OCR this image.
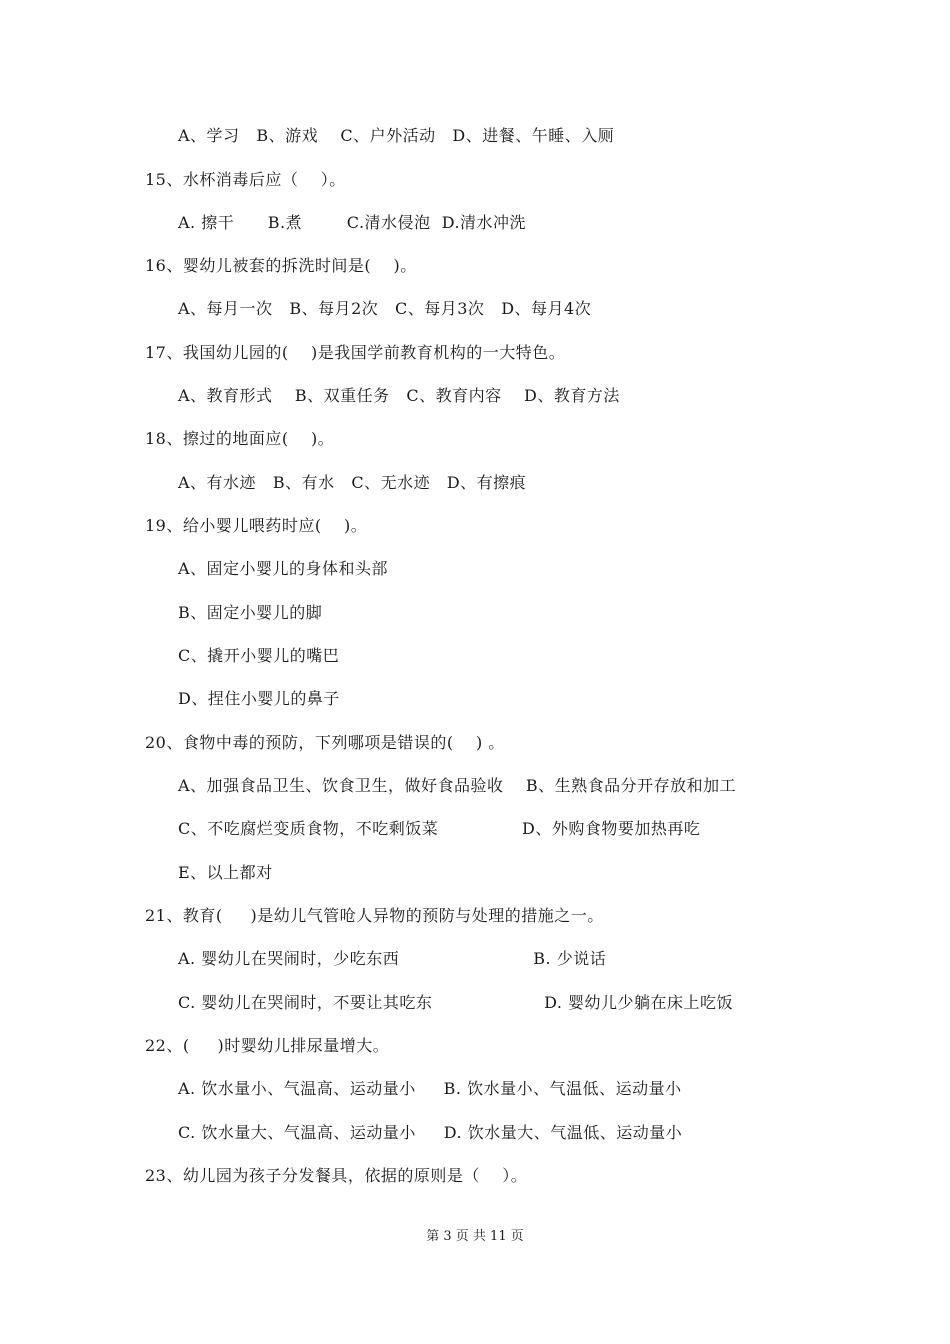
A、学习   B、游戏    C、户外活动   D、进餐、午睡、入厕
15、水杯消毒后应（    ）。
A. 擦干      B.煮        C.清水侵泡  D.清水冲洗
16、婴幼儿被套的拆洗时间是(    )。
A、每月一次   B、每月2次   C、每月3次   D、每月4次
17、我国幼儿园的(    )是我国学前教育机构的一大特色。
A、教育形式    B、双重任务   C、教育内容    D、教育方法
18、擦过的地面应(    )。
A、有水迹   B、有水   C、无水迹   D、有擦痕
19、给小婴儿喂药时应(    )。
A、固定小婴儿的身体和头部
B、固定小婴儿的脚
C、撬开小婴儿的嘴巴
D、捏住小婴儿的鼻子
20、食物中毒的预防，下列哪项是错误的(    ) 。
A、加强食品卫生、饮食卫生，做好食品验收    B、生熟食品分开存放和加工
C、不吃腐烂变质食物，不吃剩饭菜               D、外购食物要加热再吃
E、以上都对
21、教育(     )是幼儿气管呛人异物的预防与处理的措施之一。
A. 婴幼儿在哭闹时，少吃东西                        B. 少说话
C. 婴幼儿在哭闹时，不要让其吃东                    D. 婴幼儿少躺在床上吃饭
22、(     )时婴幼儿排尿量增大。
A. 饮水量小、气温高、运动量小     B. 饮水量小、气温低、运动量小
C. 饮水量大、气温高、运动量小     D. 饮水量大、气温低、运动量小
23、幼儿园为孩子分发餐具，依据的原则是（    ）。
第 3 页 共 11 页
